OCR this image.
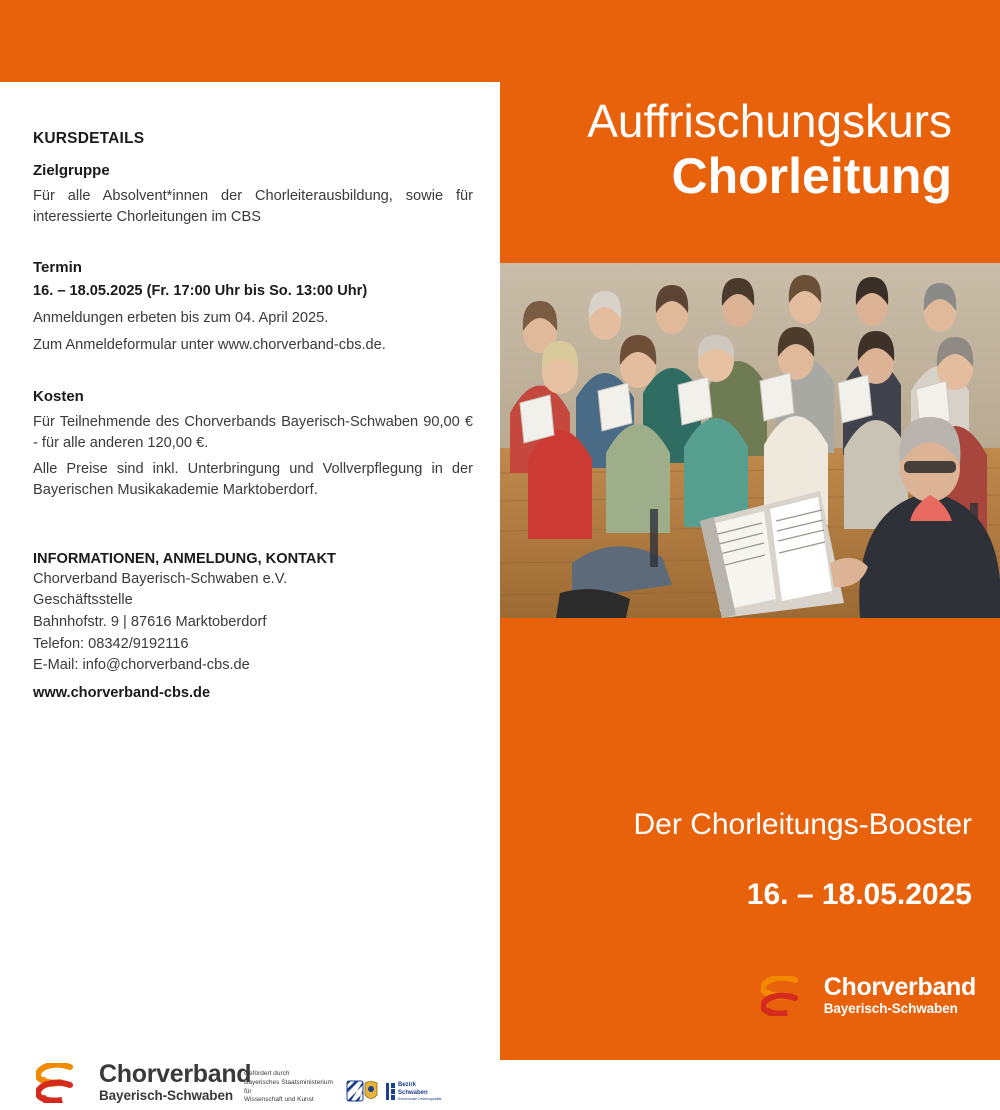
Auffrischungskurs
Chorleitung
Der Chorleitungs-Booster
16. – 18.05.2025
Chorverband
Bayerisch-Schwaben
KURSDETAILS
Zielgruppe

Für alle Absolvent*innen der Chorleiterausbildung, sowie für interessierte Chorleitungen im CBS

Termin
16. – 18.05.2025 (Fr. 17:00 Uhr bis So. 13:00 Uhr)

Anmeldungen erbeten bis zum 04. April 2025.

Zum Anmeldeformular unter www.chorverband-cbs.de.

Kosten

Für Teilnehmende des Chorverbands Bayerisch-Schwaben 90,00 € - für alle anderen 120,00 €.

Alle Preise sind inkl. Unterbringung und Vollverpflegung in der Bayerischen Musikakademie Marktoberdorf.

INFORMATIONEN, ANMELDUNG, KONTAKT
Chorverband Bayerisch-Schwaben e.V.
Geschäftsstelle
Bahnhofstr. 9 | 87616 Marktoberdorf
Telefon: 08342/9192116
E-Mail: info@chorverband-cbs.de
www.chorverband-cbs.de
Chorverband
Bayerisch-Schwaben
Gefördert durch
Bayerisches Staatsministerium für
Wissenschaft und Kunst
Bezirk
Schwaben
Kommunale Lebensqualität
